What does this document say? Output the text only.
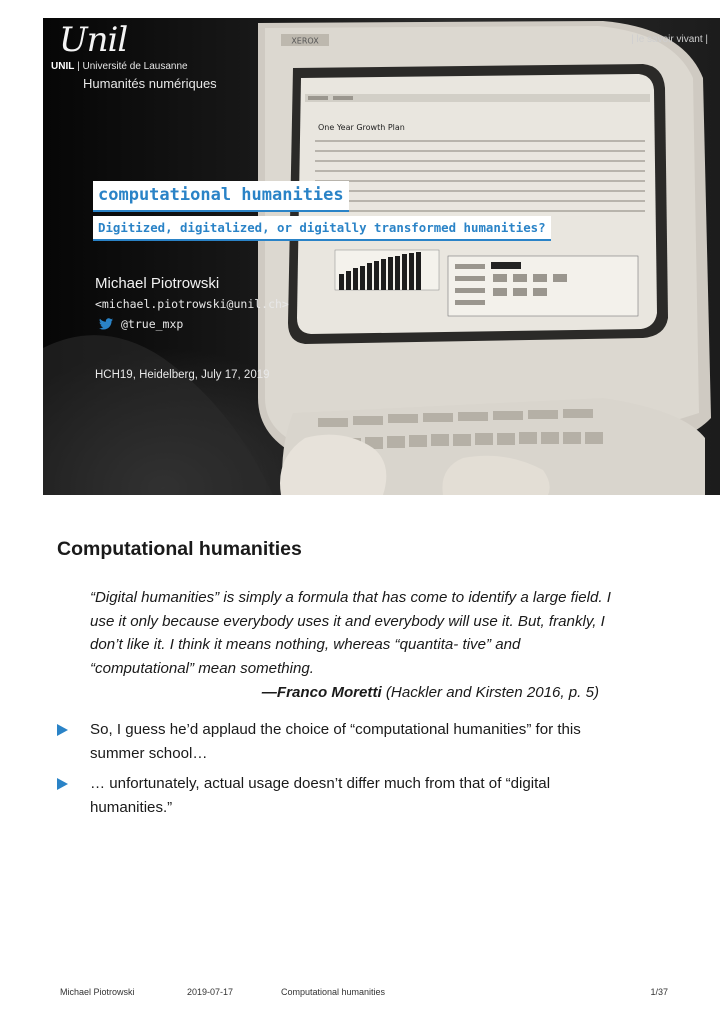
XEROX
One Year Growth Plan
Unil
UNIL | Université de Lausanne
Humanités numériques
| le savoir vivant |
computational humanities
Digitized, digitalized, or digitally transformed humanities?
Michael Piotrowski
<michael.piotrowski@unil.ch>
@true_mxp
HCH19, Heidelberg, July 17, 2019
Computational humanities
“Digital humanities” is simply a formula that has come to identify a large field. I use it only because everybody uses it and everybody will use it. But, frankly, I don’t like it. I think it means nothing, whereas “quantita- tive” and “computational” mean something.
—Franco Moretti (Hackler and Kirsten 2016, p. 5)
So, I guess he’d applaud the choice of “computational humanities” for this summer school…
… unfortunately, actual usage doesn’t differ much from that of “digital humanities.”
Michael Piotrowski	2019-07-17	Computational humanities	1/37
